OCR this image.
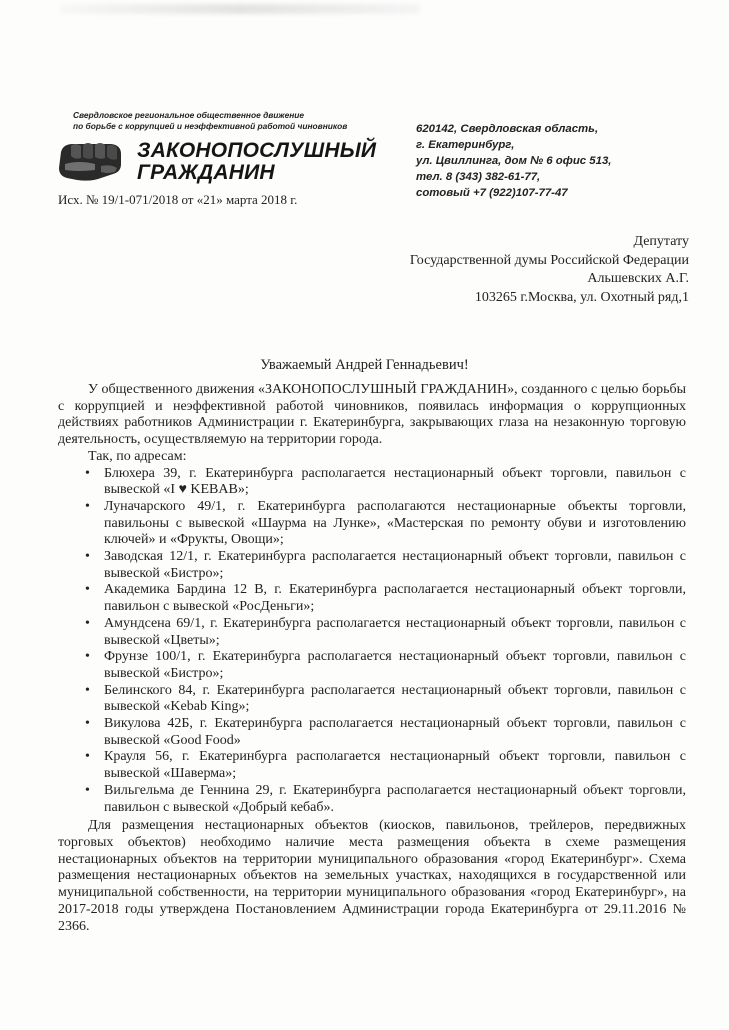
Свердловское региональное общественное движение
по борьбе с коррупцией и неэффективной работой чиновников
ЗАКОНОПОСЛУШНЫЙ
ГРАЖДАНИН
Исх. № 19/1-071/2018 от «21» марта 2018 г.
620142, Свердловская область,
г. Екатеринбург,
ул. Цвиллинга, дом № 6 офис 513,
тел. 8 (343) 382-61-77,
сотовый +7 (922)107-77-47
Депутату
Государственной думы Российской Федерации
Альшевских А.Г.
103265 г.Москва, ул. Охотный ряд,1
Уважаемый Андрей Геннадьевич!

У общественного движения «ЗАКОНОПОСЛУШНЫЙ ГРАЖДАНИН», созданного с целью борьбы с коррупцией и неэффективной работой чиновников, появилась информация о коррупционных действиях работников Администрации г. Екатеринбурга, закрывающих глаза на незаконную торговую деятельность, осуществляемую на территории города.

Так, по адресам:

• Блюхера 39, г. Екатеринбурга располагается нестационарный объект торговли, павильон с вывеской «I ♥ KEBAB»;
• Луначарского 49/1, г. Екатеринбурга располагаются нестационарные объекты торговли, павильоны с вывеской «Шаурма на Лунке», «Мастерская по ремонту обуви и изготовлению ключей» и «Фрукты, Овощи»;
• Заводская 12/1, г. Екатеринбурга располагается нестационарный объект торговли, павильон с вывеской «Бистро»;
• Академика Бардина 12 В, г. Екатеринбурга располагается нестационарный объект торговли, павильон с вывеской «РосДеньги»;
• Амундсена 69/1, г. Екатеринбурга располагается нестационарный объект торговли, павильон с вывеской «Цветы»;
• Фрунзе 100/1, г. Екатеринбурга располагается нестационарный объект торговли, павильон с вывеской «Бистро»;
• Белинского 84, г. Екатеринбурга располагается нестационарный объект торговли, павильон с вывеской «Kebab King»;
• Викулова 42Б, г. Екатеринбурга располагается нестационарный объект торговли, павильон с вывеской «Good Food»
• Крауля 56, г. Екатеринбурга располагается нестационарный объект торговли, павильон с вывеской «Шаверма»;
• Вильгельма де Геннина 29, г. Екатеринбурга располагается нестационарный объект торговли, павильон с вывеской «Добрый кебаб».

Для размещения нестационарных объектов (киосков, павильонов, трейлеров, передвижных торговых объектов) необходимо наличие места размещения объекта в схеме размещения нестационарных объектов на территории муниципального образования «город Екатеринбург». Схема размещения нестационарных объектов на земельных участках, находящихся в государственной или муниципальной собственности, на территории муниципального образования «город Екатеринбург», на 2017-2018 годы утверждена Постановлением Администрации города Екатеринбурга от 29.11.2016 № 2366.
